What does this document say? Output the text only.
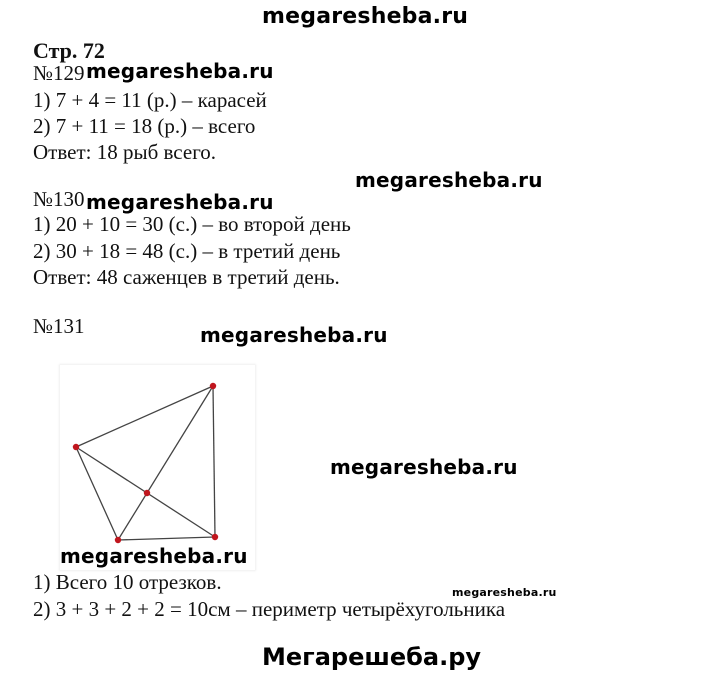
megaresheba.ru
Стр. 72
№129 megaresheba.ru
1) 7 + 4 = 11 (р.) – карасей
2) 7 + 11 = 18 (р.) – всего
Ответ: 18 рыб всего.
megaresheba.ru
№130 megaresheba.ru
1) 20 + 10 = 30 (с.) – во второй день
2) 30 + 18 = 48 (с.) – в третий день
Ответ: 48 саженцев в третий день.
№131	megaresheba.ru
megaresheba.ru
megaresheba.ru
megaresheba.ru
1) Всего 10 отрезков.
2) 3 + 3 + 2 + 2 = 10см – периметр четырёхугольника
Мегарешеба.ру
